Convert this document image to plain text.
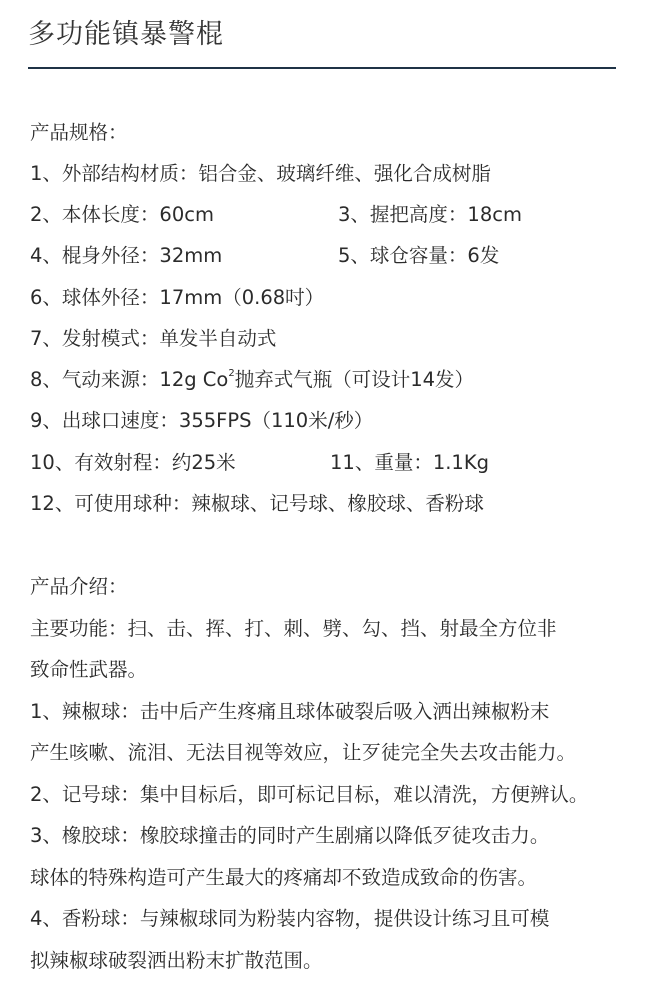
多功能镇暴警棍
产品规格：
1、外部结构材质：铝合金、玻璃纤维、强化合成树脂
2、本体长度：60cm	3、握把高度：18cm
4、棍身外径：32mm	5、球仓容量：6发
6、球体外径：17mm（0.68吋）
7、发射模式：单发半自动式
8、气动来源：12g Co$^2$抛弃式气瓶（可设计14发）
9、出球口速度：355FPS（110米/秒）
10、有效射程：约25米	11、重量：1.1Kg
12、可使用球种：辣椒球、记号球、橡胶球、香粉球
产品介绍：
主要功能：扫、击、挥、打、刺、劈、勾、挡、射最全方位非
致命性武器。
1、辣椒球：击中后产生疼痛且球体破裂后吸入洒出辣椒粉末
产生咳嗽、流泪、无法目视等效应，让歹徒完全失去攻击能力。
2、记号球：集中目标后，即可标记目标，难以清洗，方便辨认。
3、橡胶球：橡胶球撞击的同时产生剧痛以降低歹徒攻击力。
球体的特殊构造可产生最大的疼痛却不致造成致命的伤害。
4、香粉球：与辣椒球同为粉装内容物，提供设计练习且可模
拟辣椒球破裂洒出粉末扩散范围。
